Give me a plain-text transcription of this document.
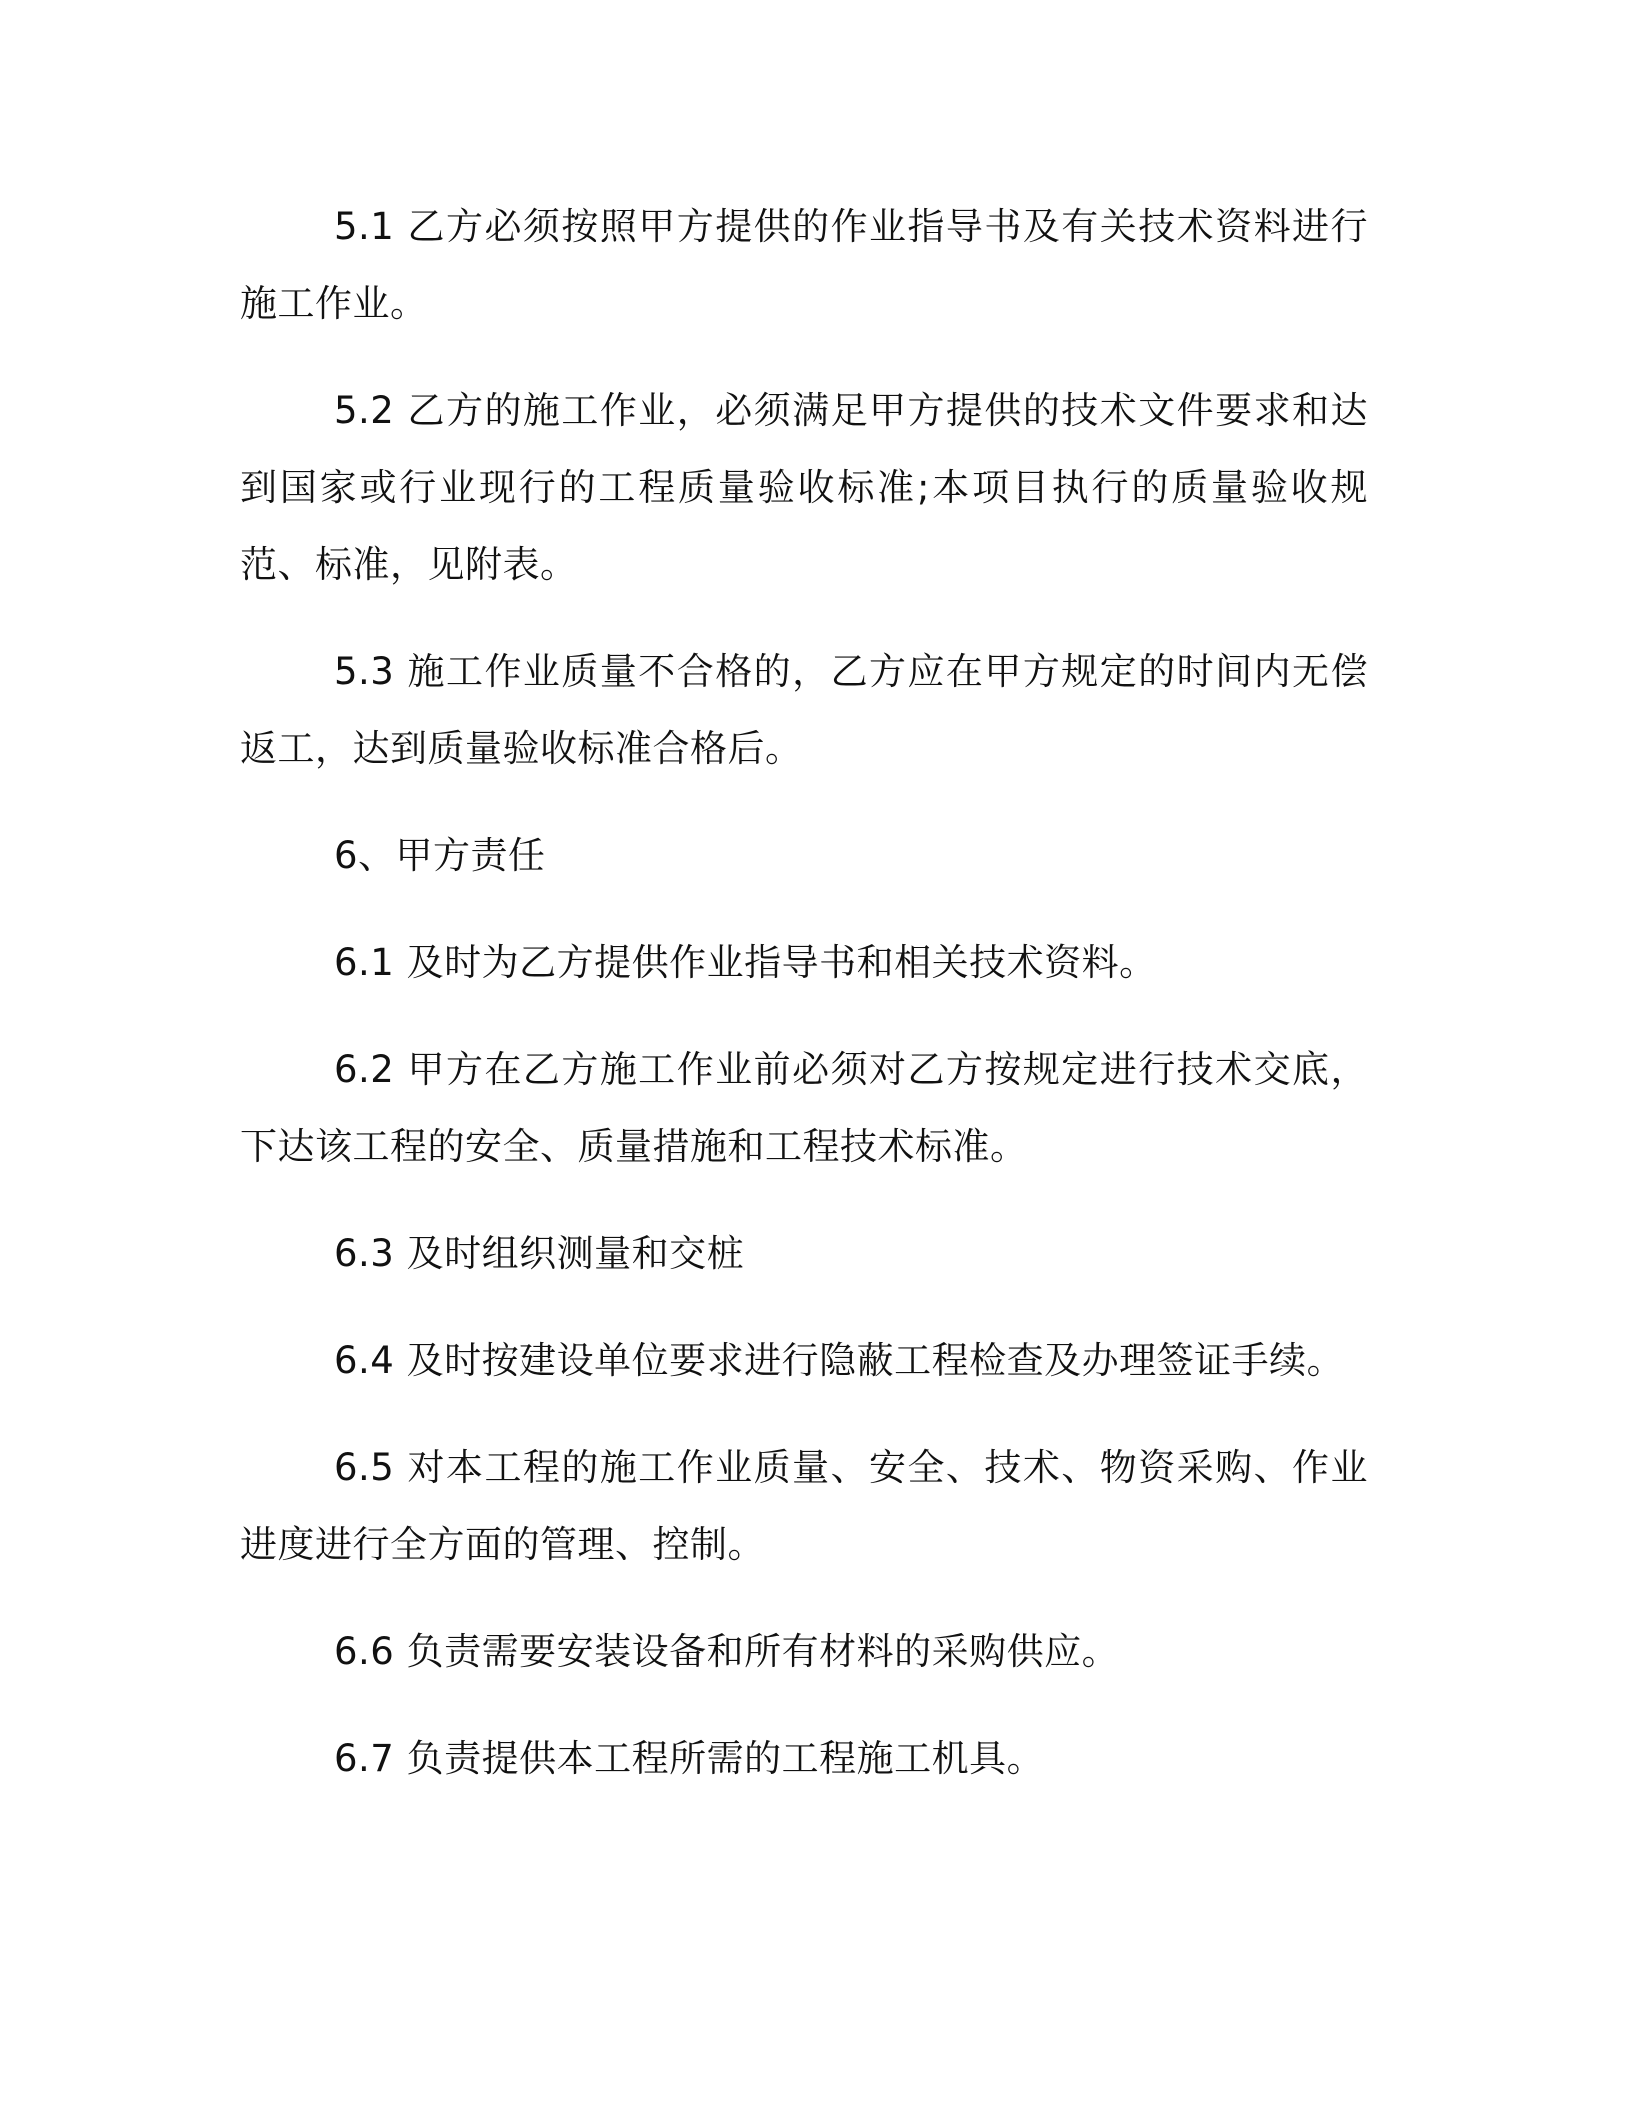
5.1 乙方必须按照甲方提供的作业指导书及有关技术资料进行施工作业。

5.2 乙方的施工作业，必须满足甲方提供的技术文件要求和达到国家或行业现行的工程质量验收标准;本项目执行的质量验收规范、标准，见附表。

5.3 施工作业质量不合格的，乙方应在甲方规定的时间内无偿返工，达到质量验收标准合格后。

6、甲方责任

6.1 及时为乙方提供作业指导书和相关技术资料。

6.2 甲方在乙方施工作业前必须对乙方按规定进行技术交底，下达该工程的安全、质量措施和工程技术标准。

6.3 及时组织测量和交桩

6.4 及时按建设单位要求进行隐蔽工程检查及办理签证手续。

6.5 对本工程的施工作业质量、安全、技术、物资采购、作业进度进行全方面的管理、控制。

6.6 负责需要安装设备和所有材料的采购供应。

6.7 负责提供本工程所需的工程施工机具。
